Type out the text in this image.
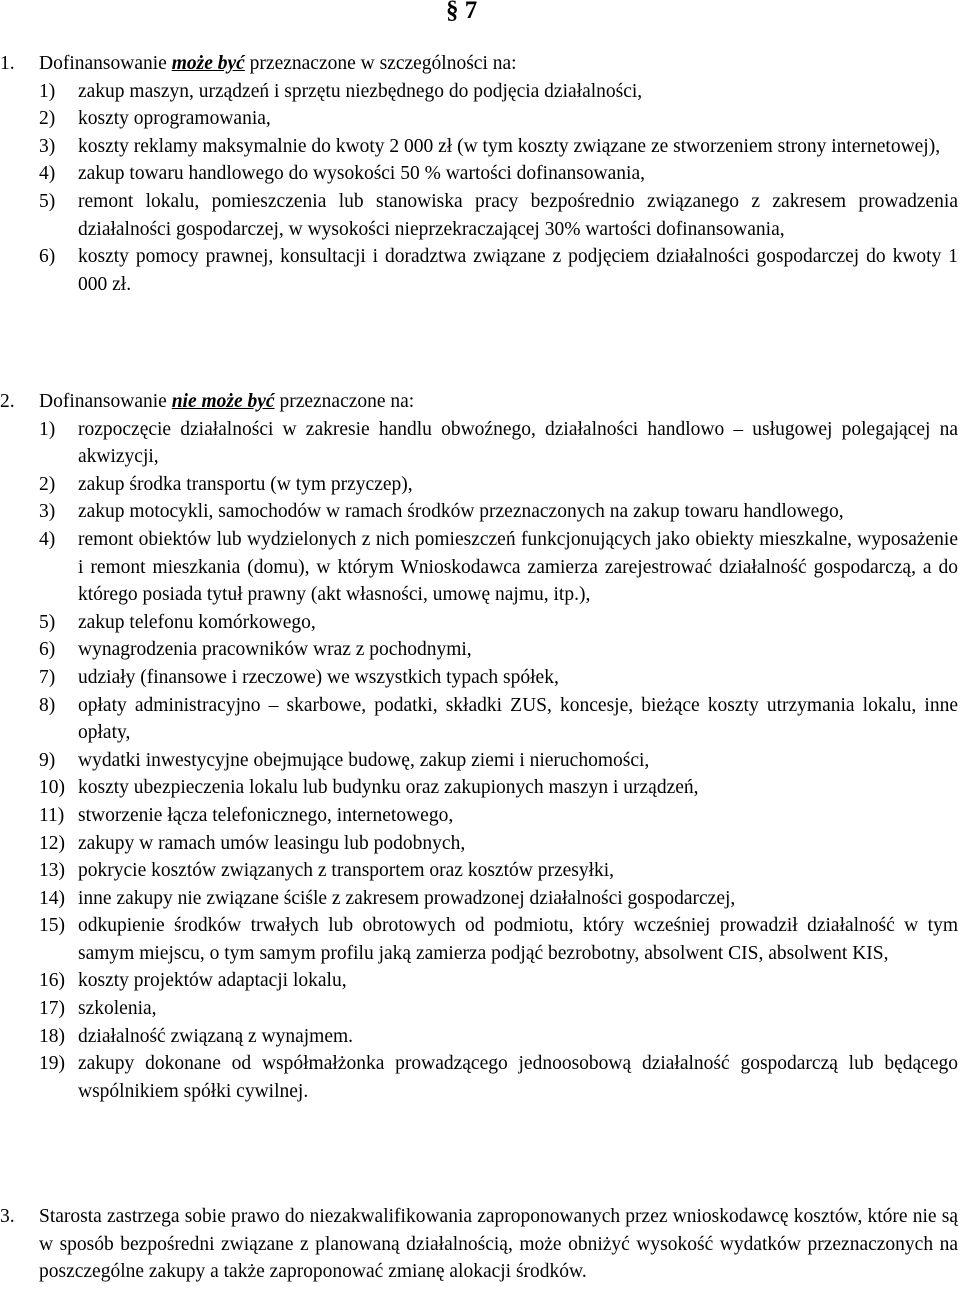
§ 7
1. Dofinansowanie może być przeznaczone w szczególności na:
1) zakup maszyn, urządzeń i sprzętu niezbędnego do podjęcia działalności,
2) koszty oprogramowania,
3) koszty reklamy maksymalnie do kwoty 2 000 zł (w tym koszty związane ze stworzeniem strony internetowej),
4) zakup towaru handlowego do wysokości 50 % wartości dofinansowania,
5) remont lokalu, pomieszczenia lub stanowiska pracy bezpośrednio związanego z zakresem prowadzenia działalności gospodarczej, w wysokości nieprzekraczającej 30% wartości dofinansowania,
6) koszty pomocy prawnej, konsultacji i doradztwa związane z podjęciem działalności gospodarczej do kwoty 1 000 zł.
2. Dofinansowanie nie może być przeznaczone na:
1) rozpoczęcie działalności w zakresie handlu obwoźnego, działalności handlowo – usługowej polegającej na akwizycji,
2) zakup środka transportu (w tym przyczep),
3) zakup motocykli, samochodów w ramach środków przeznaczonych na zakup towaru handlowego,
4) remont obiektów lub wydzielonych z nich pomieszczeń funkcjonujących jako obiekty mieszkalne, wyposażenie i remont mieszkania (domu), w którym Wnioskodawca zamierza zarejestrować działalność gospodarczą, a do którego posiada tytuł prawny (akt własności, umowę najmu, itp.),
5) zakup telefonu komórkowego,
6) wynagrodzenia pracowników wraz z pochodnymi,
7) udziały (finansowe i rzeczowe) we wszystkich typach spółek,
8) opłaty administracyjno – skarbowe, podatki, składki ZUS, koncesje, bieżące koszty utrzymania lokalu, inne opłaty,
9) wydatki inwestycyjne obejmujące budowę, zakup ziemi i nieruchomości,
10) koszty ubezpieczenia lokalu lub budynku oraz zakupionych maszyn i urządzeń,
11) stworzenie łącza telefonicznego, internetowego,
12) zakupy w ramach umów leasingu lub podobnych,
13) pokrycie kosztów związanych z transportem oraz kosztów przesyłki,
14) inne zakupy nie związane ściśle z zakresem prowadzonej działalności gospodarczej,
15) odkupienie środków trwałych lub obrotowych od podmiotu, który wcześniej prowadził działalność w tym samym miejscu, o tym samym profilu jaką zamierza podjąć bezrobotny, absolwent CIS, absolwent KIS,
16) koszty projektów adaptacji lokalu,
17) szkolenia,
18) działalność związaną z wynajmem.
19) zakupy dokonane od współmałżonka prowadzącego jednoosobową działalność gospodarczą lub będącego wspólnikiem spółki cywilnej.
3. Starosta zastrzega sobie prawo do niezakwalifikowania zaproponowanych przez wnioskodawcę kosztów, które nie są w sposób bezpośredni związane z planowaną działalnością, może obniżyć wysokość wydatków przeznaczonych na poszczególne zakupy a także zaproponować zmianę alokacji środków.
